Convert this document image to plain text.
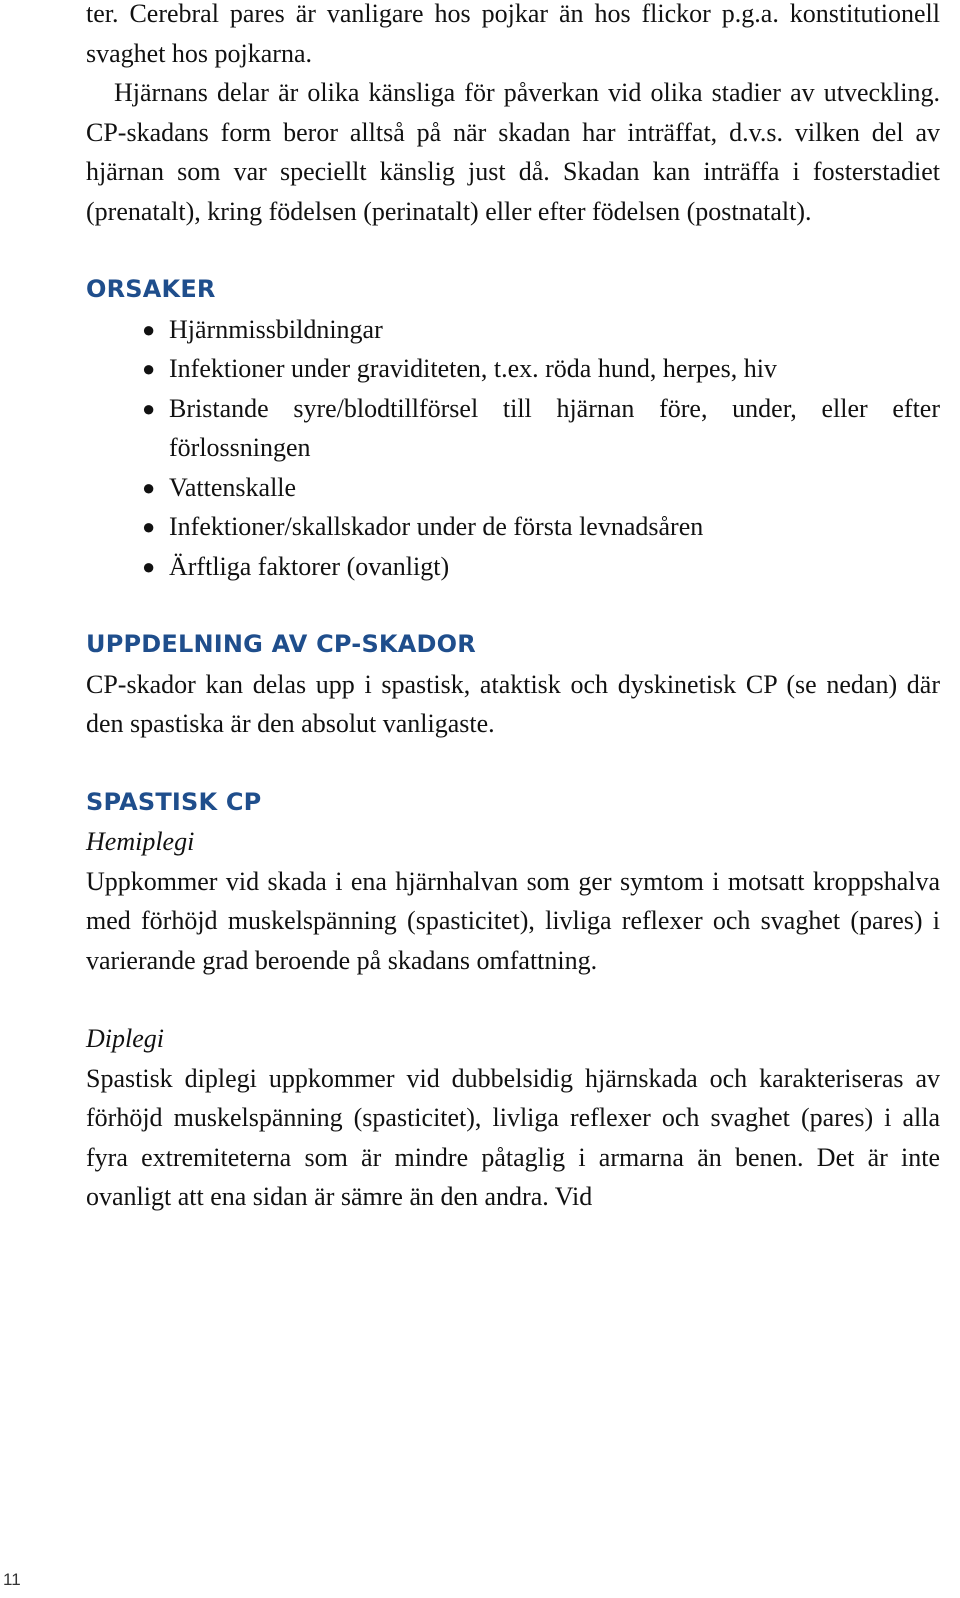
ter. Cerebral pares är vanligare hos pojkar än hos flickor p.g.a. konstitutionell svaghet hos pojkarna.

Hjärnans delar är olika känsliga för påverkan vid olika stadier av utveckling. CP-skadans form beror alltså på när skadan har inträffat, d.v.s. vilken del av hjärnan som var speciellt känslig just då. Skadan kan inträffa i fosterstadiet (prenatalt), kring födelsen (perinatalt) eller efter födelsen (postnatalt).

ORSAKER
● Hjärnmissbildningar
● Infektioner under graviditeten, t.ex. röda hund, herpes, hiv
● Bristande syre/blodtillförsel till hjärnan före, under, eller efter förlossningen
● Vattenskalle
● Infektioner/skallskador under de första levnadsåren
● Ärftliga faktorer (ovanligt)
UPPDELNING AV CP-SKADOR

CP-skador kan delas upp i spastisk, ataktisk och dyskinetisk CP (se nedan) där den spastiska är den absolut vanligaste.

SPASTISK CP
Hemiplegi

Uppkommer vid skada i ena hjärnhalvan som ger symtom i motsatt kroppshalva med förhöjd muskelspänning (spasticitet), livliga reflexer och svaghet (pares) i varierande grad beroende på skadans omfattning.

Diplegi

Spastisk diplegi uppkommer vid dubbelsidig hjärnskada och karakteriseras av förhöjd muskelspänning (spasticitet), livliga reflexer och svaghet (pares) i alla fyra extremiteterna som är mindre påtaglig i armarna än benen. Det är inte ovanligt att ena sidan är sämre än den andra. Vid

11
